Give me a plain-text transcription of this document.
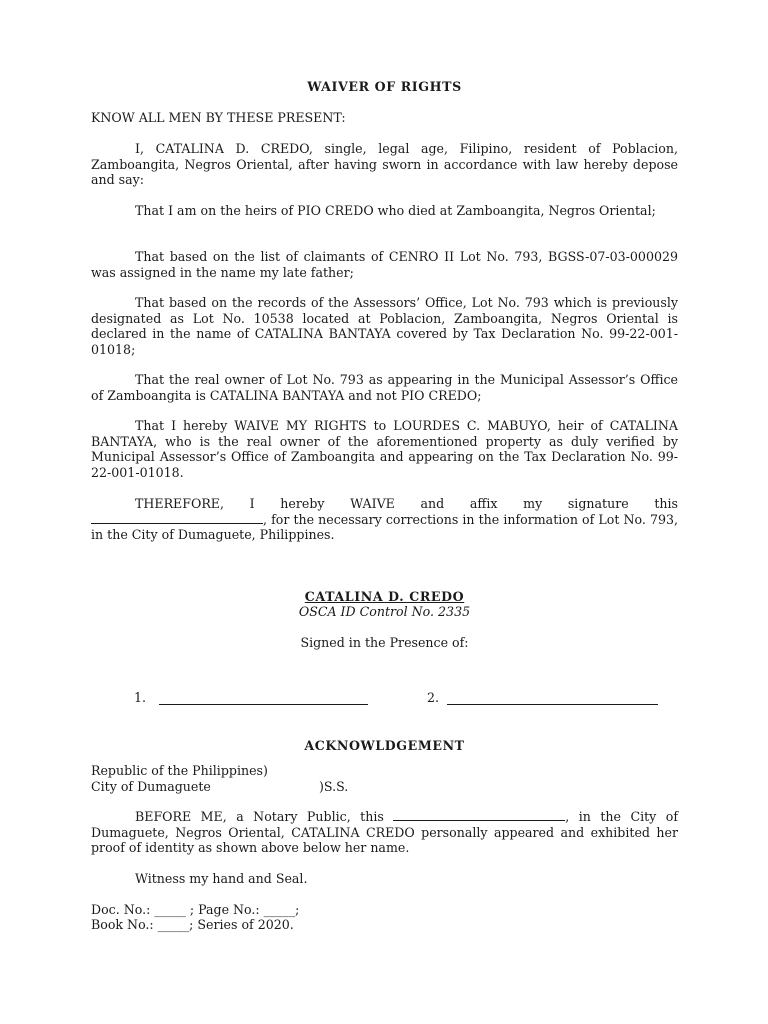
WAIVER OF RIGHTS
KNOW ALL MEN BY THESE PRESENT:
I, CATALINA D. CREDO, single, legal age, Filipino, resident of Poblacion, Zamboangita, Negros Oriental, after having sworn in accordance with law hereby depose and say:
That I am on the heirs of PIO CREDO who died at Zamboangita, Negros Oriental;
That based on the list of claimants of CENRO II Lot No. 793, BGSS-07-03-000029 was assigned in the name my late father;
That based on the records of the Assessors’ Office, Lot No. 793 which is previously designated as Lot No. 10538 located at Poblacion, Zamboangita, Negros Oriental is declared in the name of CATALINA BANTAYA covered by Tax Declaration No. 99-22-001-01018;
That the real owner of Lot No. 793 as appearing in the Municipal Assessor’s Office of Zamboangita is CATALINA BANTAYA and not PIO CREDO;
That I hereby WAIVE MY RIGHTS to LOURDES C. MABUYO, heir of CATALINA BANTAYA, who is the real owner of the aforementioned property as duly verified by Municipal Assessor’s Office of Zamboangita and appearing on the Tax Declaration No. 99-22-001-01018.
THEREFORE, I hereby WAIVE and affix my signature this , for the necessary corrections in the information of Lot No. 793, in the City of Dumaguete, Philippines.
CATALINA D. CREDO
OSCA ID Control No. 2335
Signed in the Presence of:
1.	2.
ACKNOWLDGEMENT
Republic of the Philippines)
City of Dumaguete	)S.S.
BEFORE ME, a Notary Public, this	, in the City of Dumaguete, Negros Oriental, CATALINA CREDO personally appeared and exhibited her proof of identity as shown above below her name.
Witness my hand and Seal.
Doc. No.: _____ ; Page No.: _____;
Book No.: _____; Series of 2020.
